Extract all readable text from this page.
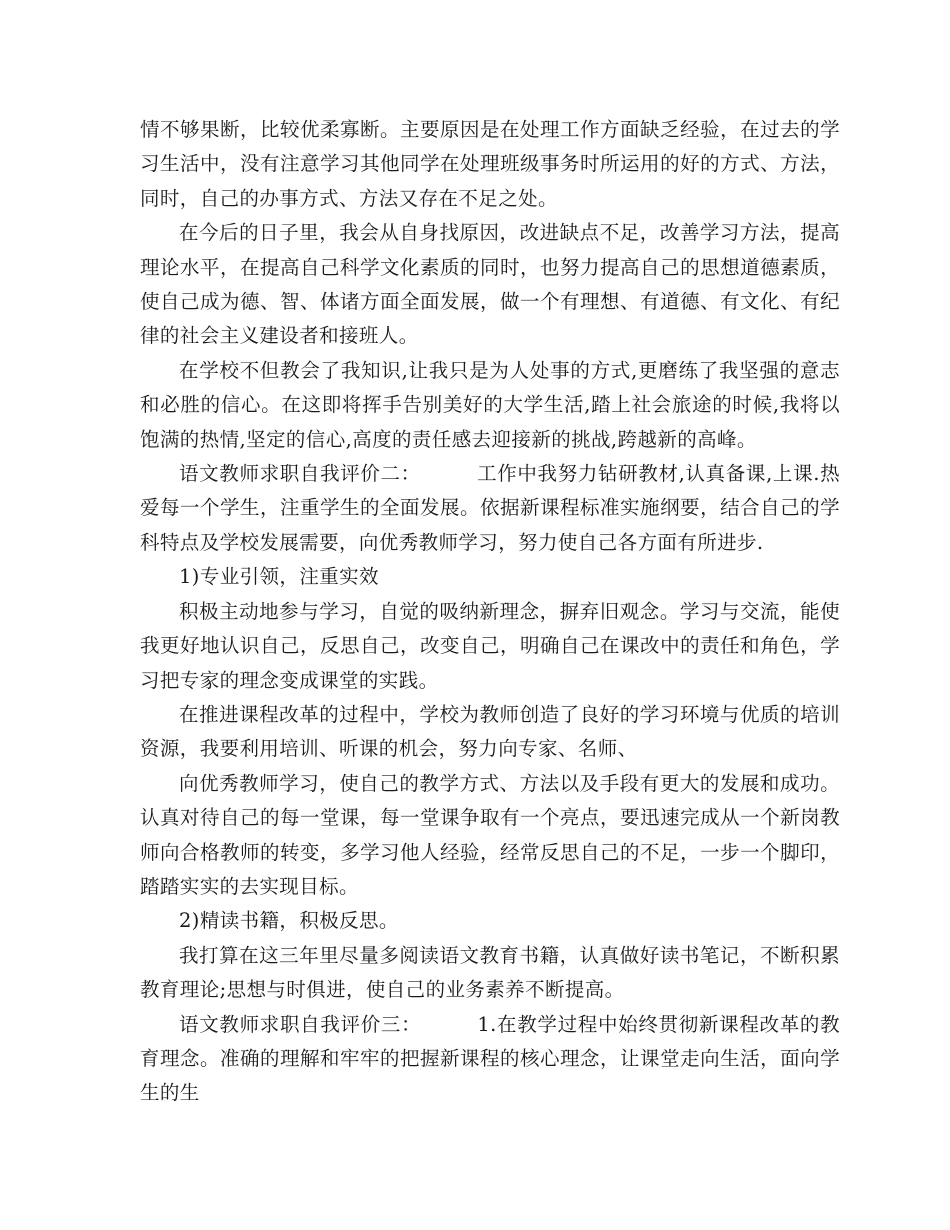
情不够果断，比较优柔寡断。主要原因是在处理工作方面缺乏经验，在过去的学习生活中，没有注意学习其他同学在处理班级事务时所运用的好的方式、方法，同时，自己的办事方式、方法又存在不足之处。

在今后的日子里，我会从自身找原因，改进缺点不足，改善学习方法，提高理论水平，在提高自己科学文化素质的同时，也努力提高自己的思想道德素质，使自己成为德、智、体诸方面全面发展，做一个有理想、有道德、有文化、有纪律的社会主义建设者和接班人。

在学校不但教会了我知识,让我只是为人处事的方式,更磨练了我坚强的意志和必胜的信心。在这即将挥手告别美好的大学生活,踏上社会旅途的时候,我将以饱满的热情,坚定的信心,高度的责任感去迎接新的挑战,跨越新的高峰。

语文教师求职自我评价二：	工作中我努力钻研教材,认真备课,上课.热爱每一个学生，注重学生的全面发展。依据新课程标准实施纲要，结合自己的学科特点及学校发展需要，向优秀教师学习，努力使自己各方面有所进步.

1)专业引领，注重实效

积极主动地参与学习，自觉的吸纳新理念，摒弃旧观念。学习与交流，能使我更好地认识自己，反思自己，改变自己，明确自己在课改中的责任和角色，学习把专家的理念变成课堂的实践。

在推进课程改革的过程中，学校为教师创造了良好的学习环境与优质的培训资源，我要利用培训、听课的机会，努力向专家、名师、

向优秀教师学习，使自己的教学方式、方法以及手段有更大的发展和成功。认真对待自己的每一堂课，每一堂课争取有一个亮点，要迅速完成从一个新岗教师向合格教师的转变，多学习他人经验，经常反思自己的不足，一步一个脚印，踏踏实实的去实现目标。

2)精读书籍，积极反思。

我打算在这三年里尽量多阅读语文教育书籍，认真做好读书笔记，不断积累教育理论;思想与时俱进，使自己的业务素养不断提高。

语文教师求职自我评价三：	1.在教学过程中始终贯彻新课程改革的教育理念。准确的理解和牢牢的把握新课程的核心理念，让课堂走向生活，面向学生的生
